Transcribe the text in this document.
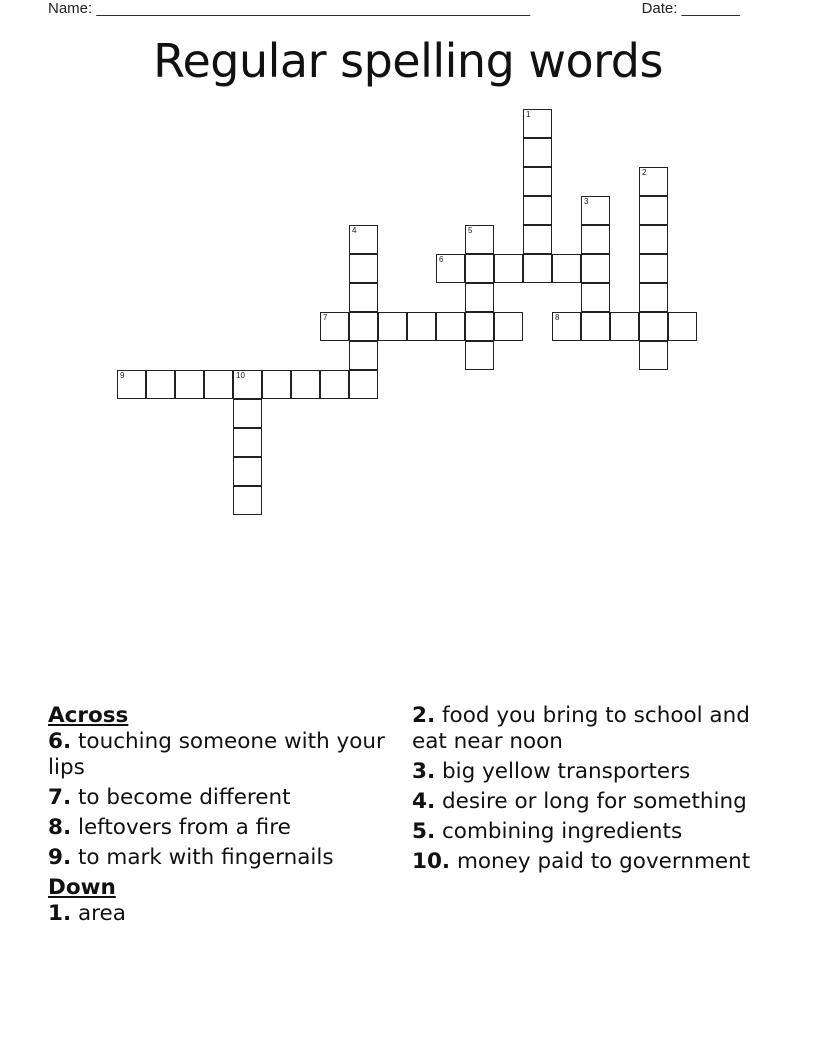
Name: ____________________________________________________	Date: _______
Regular spelling words
1
2
3
4	5
6
7	8
9	10
Across
6. touching someone with your lips
7. to become different
8. leftovers from a fire
9. to mark with fingernails
Down
1. area
2. food you bring to school and eat near noon
3. big yellow transporters
4. desire or long for something
5. combining ingredients
10. money paid to government
